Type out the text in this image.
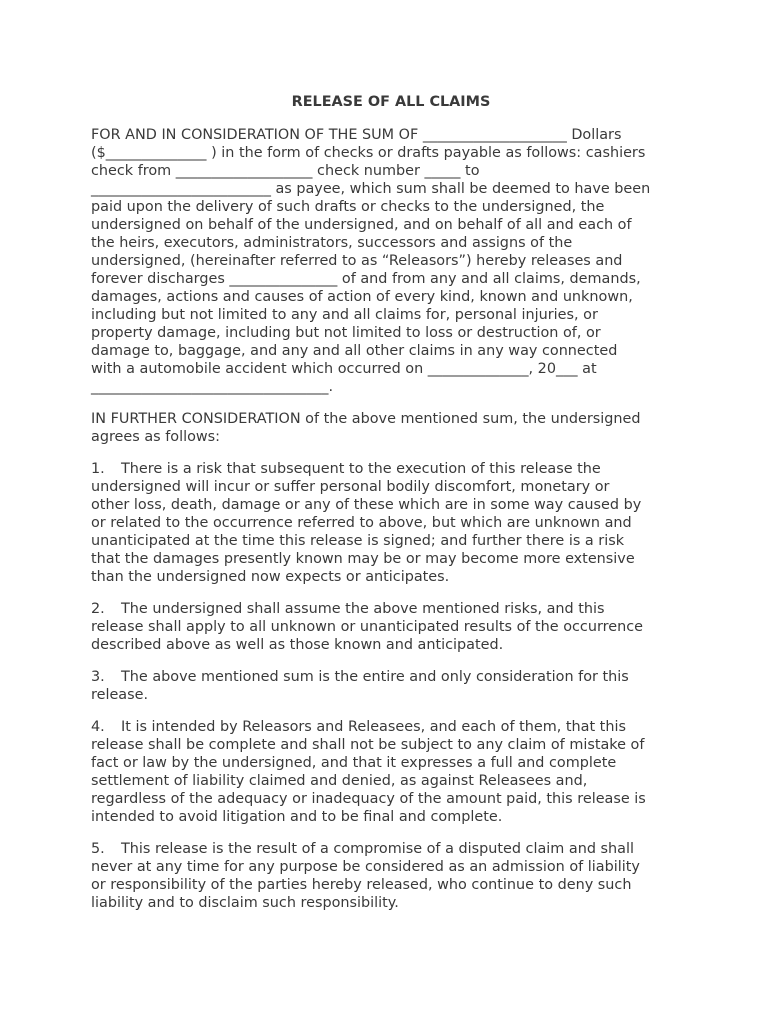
RELEASE OF ALL CLAIMS
FOR AND IN CONSIDERATION OF THE SUM OF ____________________ Dollars
($______________ ) in the form of checks or drafts payable as follows: cashiers
check from ___________________ check number _____ to
_________________________ as payee, which sum shall be deemed to have been
paid upon the delivery of such drafts or checks to the undersigned, the
undersigned on behalf of the undersigned, and on behalf of all and each of
the heirs, executors, administrators, successors and assigns of the
undersigned, (hereinafter referred to as “Releasors”) hereby releases and
forever discharges _______________ of and from any and all claims, demands,
damages, actions and causes of action of every kind, known and unknown,
including but not limited to any and all claims for, personal injuries, or
property damage, including but not limited to loss or destruction of, or
damage to, baggage, and any and all other claims in any way connected
with a automobile accident which occurred on ______________, 20___ at
_________________________________.
IN FURTHER CONSIDERATION of the above mentioned sum, the undersigned
agrees as follows:
1. There is a risk that subsequent to the execution of this release the
undersigned will incur or suffer personal bodily discomfort, monetary or
other loss, death, damage or any of these which are in some way caused by
or related to the occurrence referred to above, but which are unknown and
unanticipated at the time this release is signed; and further there is a risk
that the damages presently known may be or may become more extensive
than the undersigned now expects or anticipates.
2. The undersigned shall assume the above mentioned risks, and this
release shall apply to all unknown or unanticipated results of the occurrence
described above as well as those known and anticipated.
3. The above mentioned sum is the entire and only consideration for this
release.
4. It is intended by Releasors and Releasees, and each of them, that this
release shall be complete and shall not be subject to any claim of mistake of
fact or law by the undersigned, and that it expresses a full and complete
settlement of liability claimed and denied, as against Releasees and,
regardless of the adequacy or inadequacy of the amount paid, this release is
intended to avoid litigation and to be final and complete.
5. This release is the result of a compromise of a disputed claim and shall
never at any time for any purpose be considered as an admission of liability
or responsibility of the parties hereby released, who continue to deny such
liability and to disclaim such responsibility.
